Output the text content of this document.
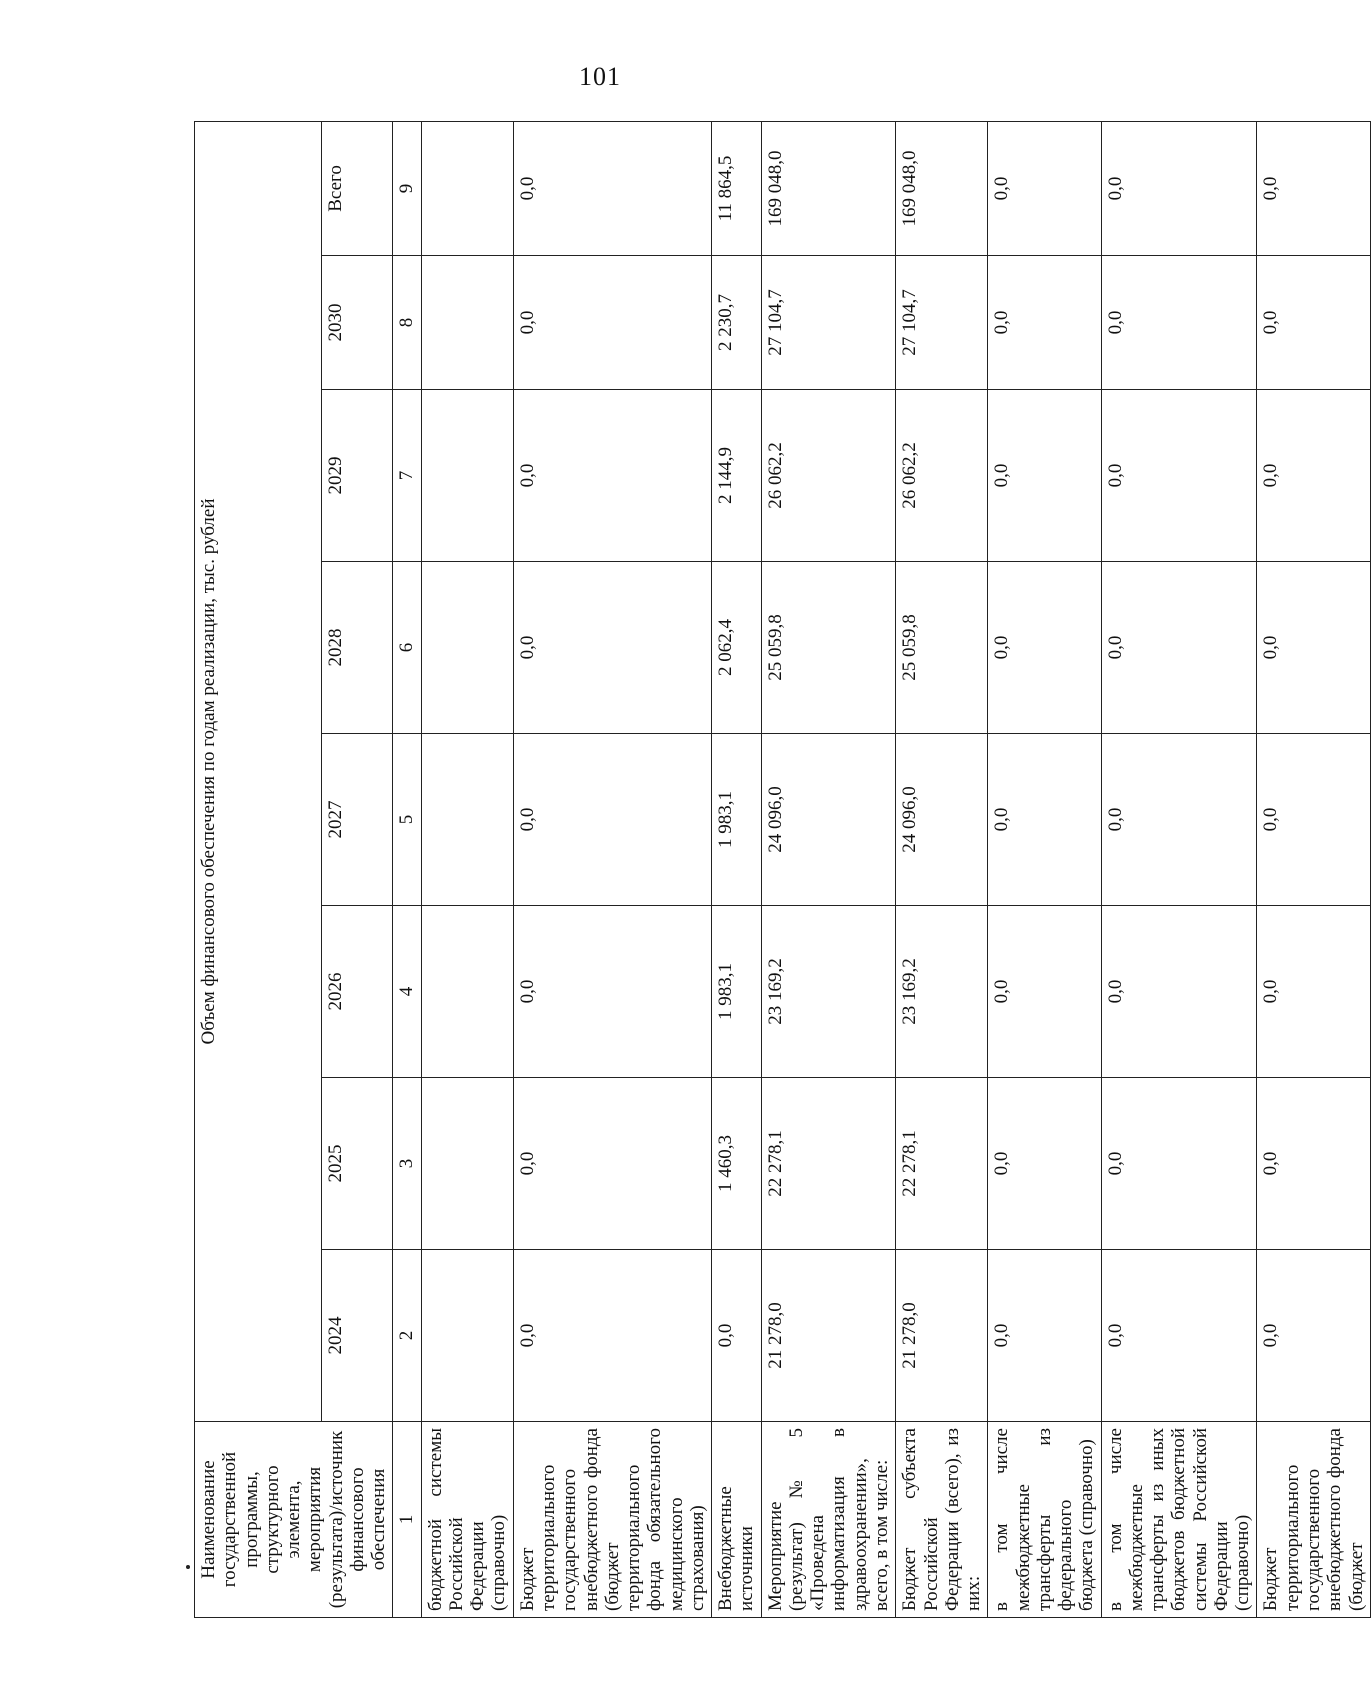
101
Наименование государственной программы, структурного элемента, мероприятия (результата)/источник финансового обеспечения	Объем финансового обеспечения по годам реализации, тыс. рублей							
	2024	2025	2026	2027	2028	2029	2030	Всего
1	2	3	4	5	6	7	8	9
бюджетной системы Российской Федерации (справочно)								
Бюджет территориального государственного внебюджетного фонда (бюджет территориального фонда обязательного медицинского страхования)	0,0	0,0	0,0	0,0	0,0	0,0	0,0	0,0
Внебюджетные источники	0,0	1 460,3	1 983,1	1 983,1	2 062,4	2 144,9	2 230,7	11 864,5
Мероприятие (результат) № 5 «Проведена информатизация в здравоохранении», всего, в том числе:	21 278,0	22 278,1	23 169,2	24 096,0	25 059,8	26 062,2	27 104,7	169 048,0
Бюджет субъекта Российской Федерации (всего), из них:	21 278,0	22 278,1	23 169,2	24 096,0	25 059,8	26 062,2	27 104,7	169 048,0
в том числе межбюджетные трансферты из федерального бюджета (справочно)	0,0	0,0	0,0	0,0	0,0	0,0	0,0	0,0
в том числе межбюджетные трансферты из иных бюджетов бюджетной системы Российской Федерации (справочно)	0,0	0,0	0,0	0,0	0,0	0,0	0,0	0,0
Бюджет территориального государственного внебюджетного фонда (бюджет	0,0	0,0	0,0	0,0	0,0	0,0	0,0	0,0
